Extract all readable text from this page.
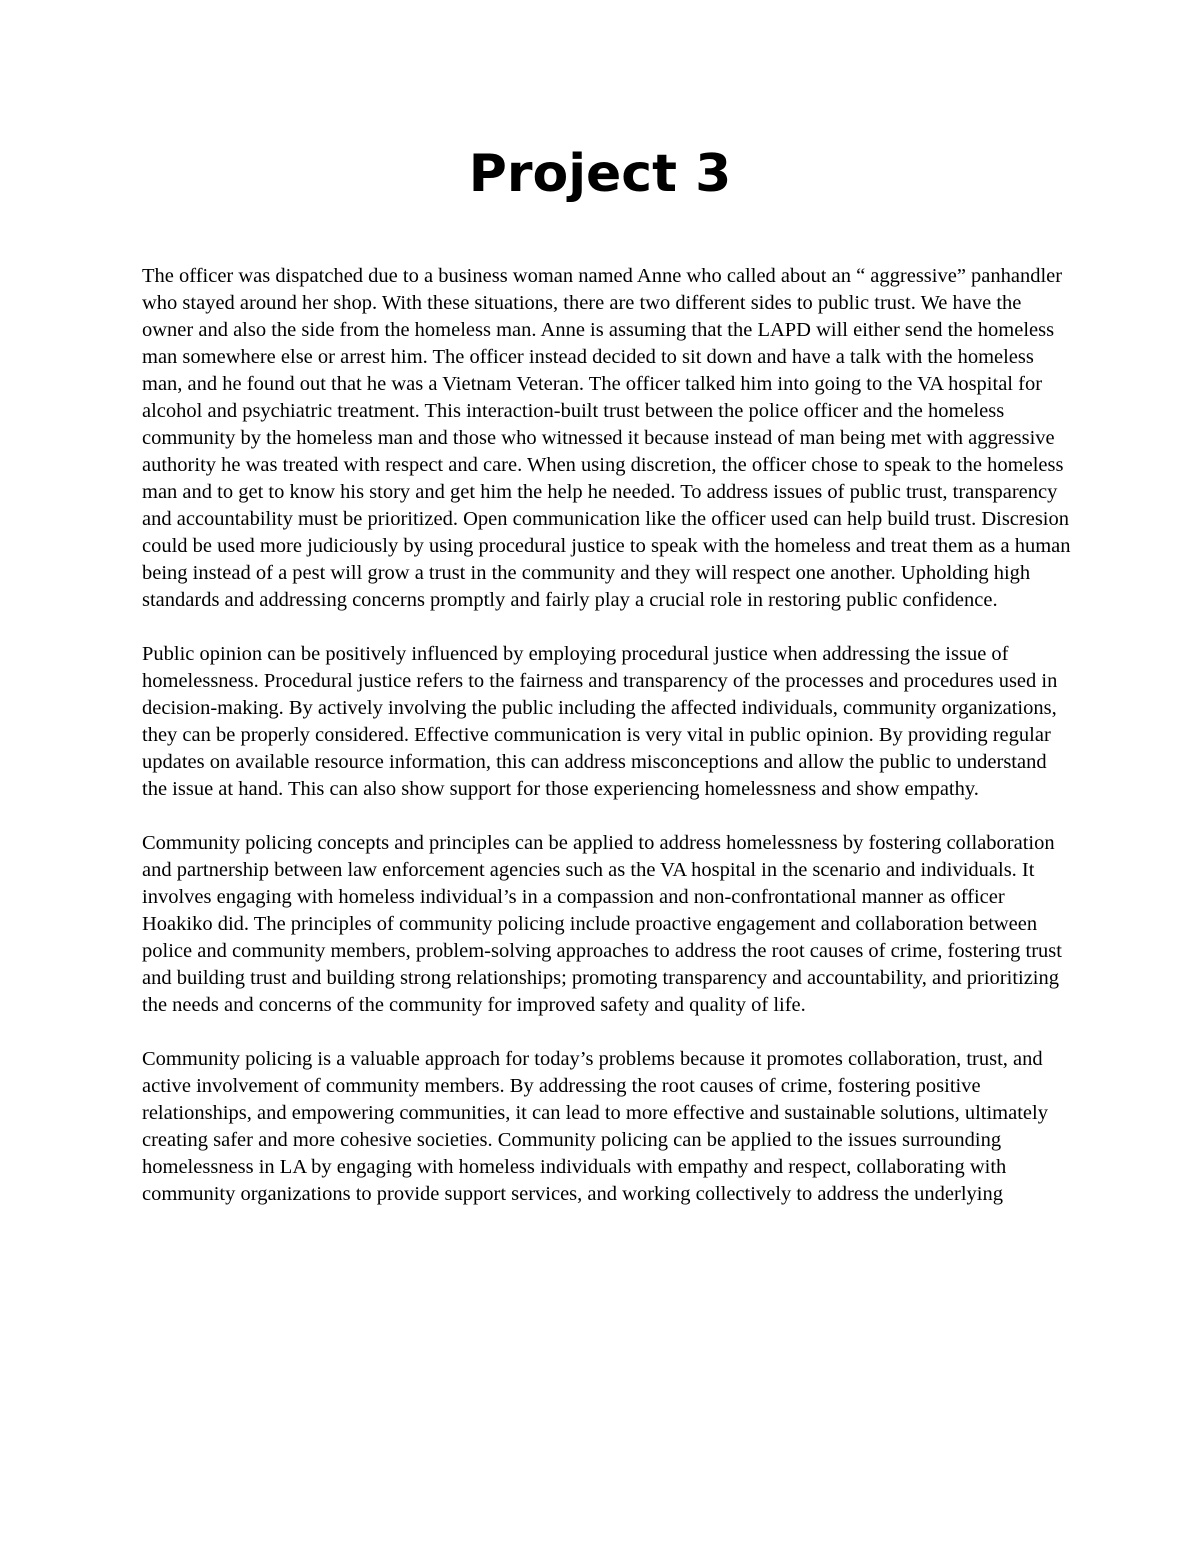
Project 3

The officer was dispatched due to a business woman named Anne who called about an “ aggressive” panhandler who stayed around her shop. With these situations, there are two different sides to public trust. We have the owner and also the side from the homeless man. Anne is assuming that the LAPD will either send the homeless man somewhere else or arrest him. The officer instead decided to sit down and have a talk with the homeless man, and he found out that he was a Vietnam Veteran. The officer talked him into going to the VA hospital for alcohol and psychiatric treatment. This interaction-built trust between the police officer and the homeless community by the homeless man and those who witnessed it because instead of man being met with aggressive authority he was treated with respect and care. When using discretion, the officer chose to speak to the homeless man and to get to know his story and get him the help he needed. To address issues of public trust, transparency and accountability must be prioritized. Open communication like the officer used can help build trust. Discresion could be used more judiciously by using procedural justice to speak with the homeless and treat them as a human being instead of a pest will grow a trust in the community and they will respect one another. Upholding high standards and addressing concerns promptly and fairly play a crucial role in restoring public confidence.

Public opinion can be positively influenced by employing procedural justice when addressing the issue of homelessness. Procedural justice refers to the fairness and transparency of the processes and procedures used in decision-making. By actively involving the public including the affected individuals, community organizations, they can be properly considered. Effective communication is very vital in public opinion. By providing regular updates on available resource information, this can address misconceptions and allow the public to understand the issue at hand. This can also show support for those experiencing homelessness and show empathy.

Community policing concepts and principles can be applied to address homelessness by fostering collaboration and partnership between law enforcement agencies such as the VA hospital in the scenario and individuals. It involves engaging with homeless individual’s in a compassion and non-confrontational manner as officer Hoakiko did. The principles of community policing include proactive engagement and collaboration between police and community members, problem-solving approaches to address the root causes of crime, fostering trust and building trust and building strong relationships; promoting transparency and accountability, and prioritizing the needs and concerns of the community for improved safety and quality of life.

Community policing is a valuable approach for today’s problems because it promotes collaboration, trust, and active involvement of community members. By addressing the root causes of crime, fostering positive relationships, and empowering communities, it can lead to more effective and sustainable solutions, ultimately creating safer and more cohesive societies. Community policing can be applied to the issues surrounding homelessness in LA by engaging with homeless individuals with empathy and respect, collaborating with community organizations to provide support services, and working collectively to address the underlying
